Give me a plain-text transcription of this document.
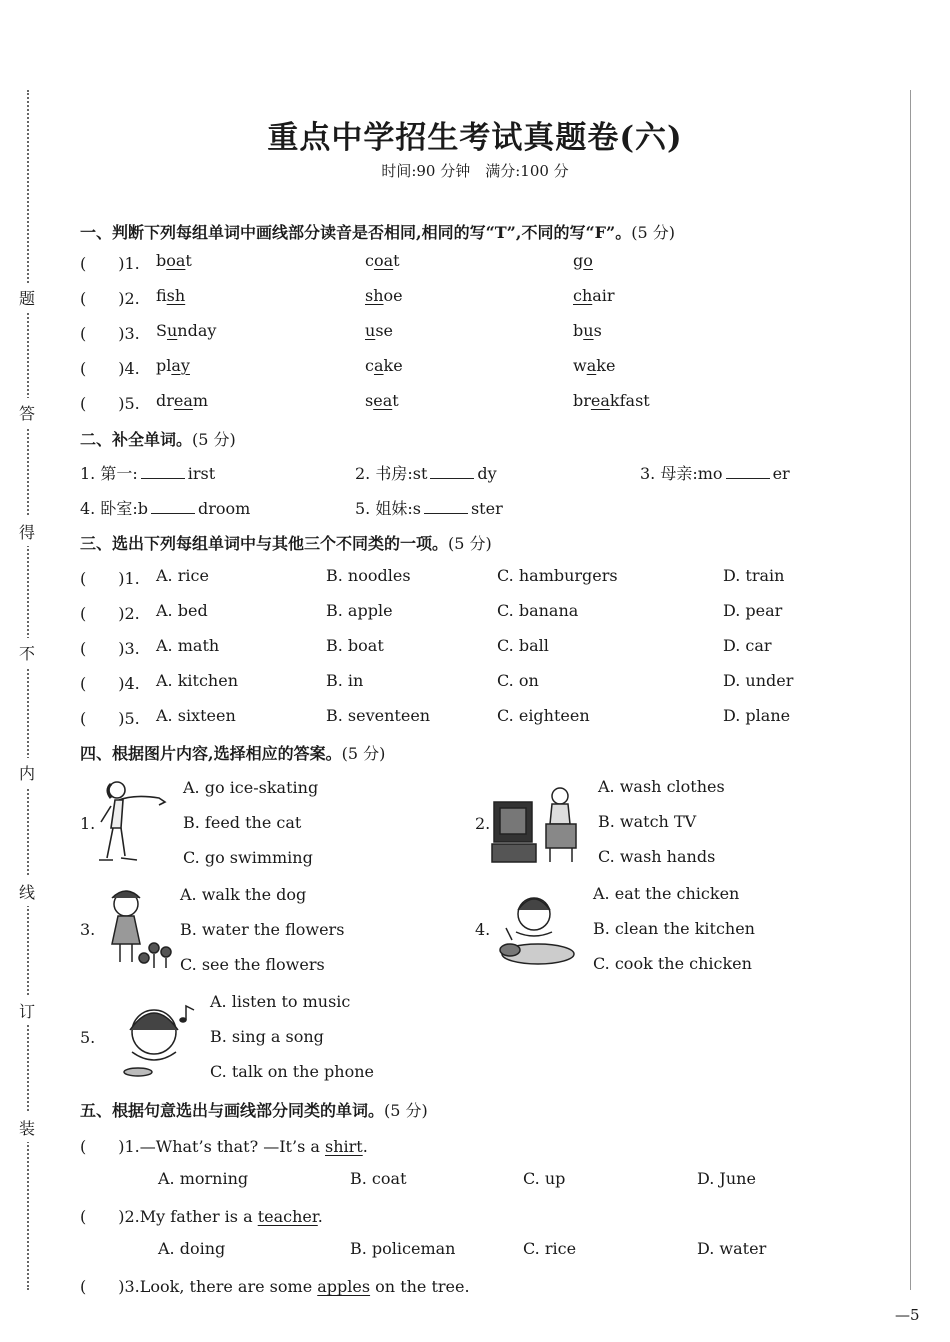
题
答
得
不
内
线
订
装
重点中学招生考试真题卷(六)
时间:90 分钟　满分:100 分
一、判断下列每组单词中画线部分读音是否相同,相同的写“T”,不同的写“F”。(5 分)
(　　)1. boat	coat	go
(　　)2. fish	shoe	chair
(　　)3. Sunday	use	bus
(　　)4. play	cake	wake
(　　)5. dream	seat	breakfast
二、补全单词。(5 分)
1. 第一:	irst	2. 书房:st	dy	3. 母亲:mo	er
4. 卧室:b	droom	5. 姐妹:s	ster
三、选出下列每组单词中与其他三个不同类的一项。(5 分)
(　　)1. A. rice	B. noodles	C. hamburgers	D. train
(　　)2. A. bed	B. apple	C. banana	D. pear
(　　)3. A. math	B. boat	C. ball	D. car
(　　)4. A. kitchen	B. in	C. on	D. under
(　　)5. A. sixteen	B. seventeen	C. eighteen	D. plane
四、根据图片内容,选择相应的答案。(5 分)
1.
A. go ice-skating
B. feed the cat
C. go swimming
2.
A. wash clothes
B. watch TV
C. wash hands
3.
A. walk the dog
B. water the flowers
C. see the flowers
4.
A. eat the chicken
B. clean the kitchen
C. cook the chicken
5.
A. listen to music
B. sing a song
C. talk on the phone
五、根据句意选出与画线部分同类的单词。(5 分)
(　　)1.—What’s that? —It’s a shirt.
A. morning	B. coat	C. up	D. June
(　　)2.My father is a teacher.
A. doing	B. policeman	C. rice	D. water
(　　)3.Look, there are some apples on the tree.
—5
